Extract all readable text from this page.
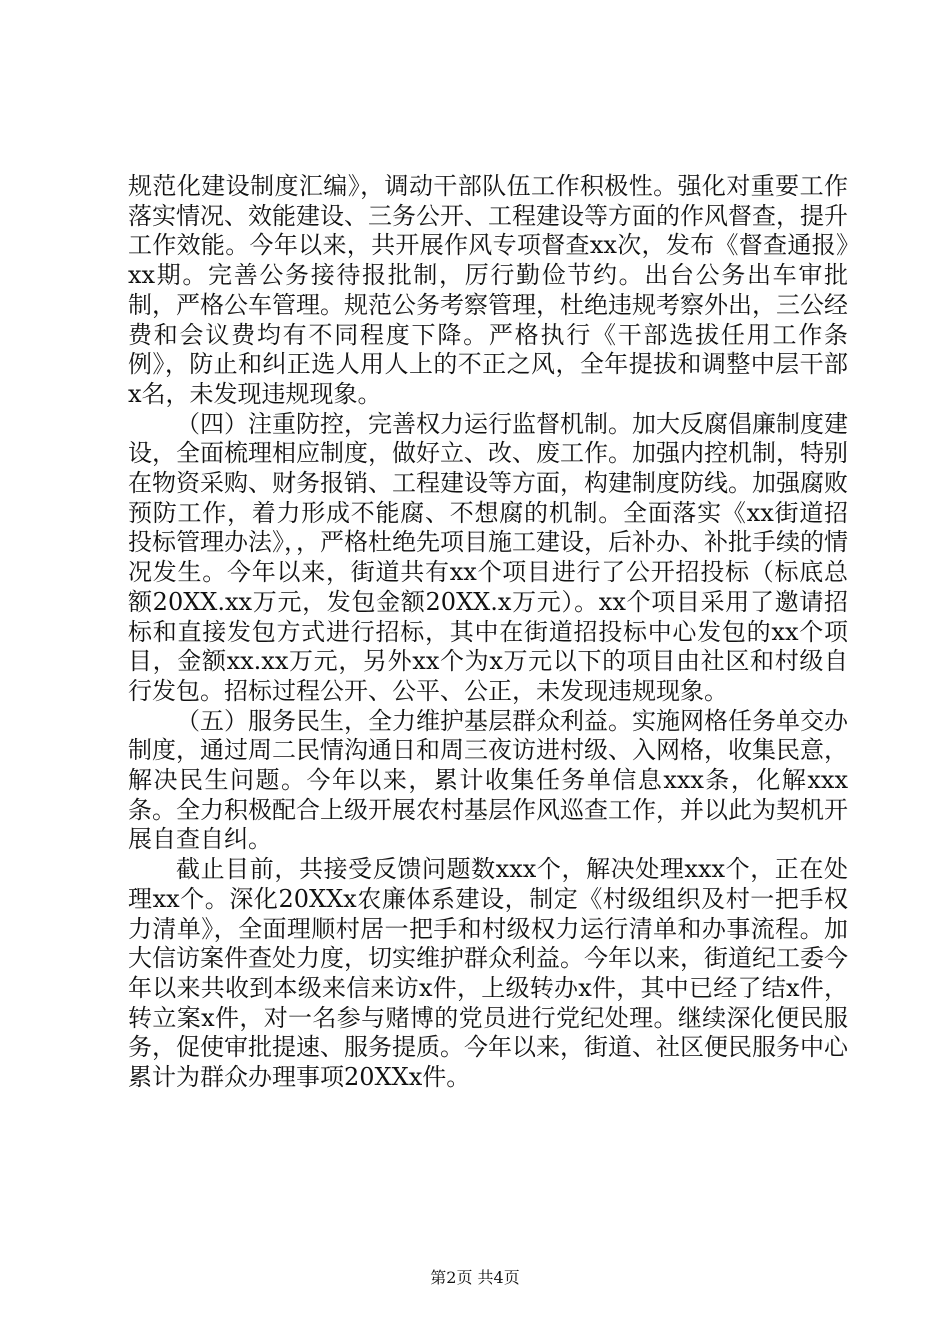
规范化建设制度汇编》，调动干部队伍工作积极性。强化对重要工作落实情况、效能建设、三务公开、工程建设等方面的作风督查，提升工作效能。今年以来，共开展作风专项督查xx次，发布《督查通报》xx期。完善公务接待报批制，厉行勤俭节约。出台公务出车审批制，严格公车管理。规范公务考察管理，杜绝违规考察外出，三公经费和会议费均有不同程度下降。严格执行《干部选拔任用工作条例》，防止和纠正选人用人上的不正之风，全年提拔和调整中层干部x名，未发现违规现象。

（四）注重防控，完善权力运行监督机制。加大反腐倡廉制度建设，全面梳理相应制度，做好立、改、废工作。加强内控机制，特别在物资采购、财务报销、工程建设等方面，构建制度防线。加强腐败预防工作，着力形成不能腐、不想腐的机制。全面落实《xx街道招投标管理办法》，，严格杜绝先项目施工建设，后补办、补批手续的情况发生。今年以来，街道共有xx个项目进行了公开招投标（标底总额20XX.xx万元，发包金额20XX.x万元）。xx个项目采用了邀请招标和直接发包方式进行招标，其中在街道招投标中心发包的xx个项目，金额xx.xx万元，另外xx个为x万元以下的项目由社区和村级自行发包。招标过程公开、公平、公正，未发现违规现象。

（五）服务民生，全力维护基层群众利益。实施网格任务单交办制度，通过周二民情沟通日和周三夜访进村级、入网格，收集民意，解决民生问题。今年以来，累计收集任务单信息xxx条，化解xxx条。全力积极配合上级开展农村基层作风巡查工作，并以此为契机开展自查自纠。

截止目前，共接受反馈问题数xxx个，解决处理xxx个，正在处理xx个。深化20XXx农廉体系建设，制定《村级组织及村一把手权力清单》，全面理顺村居一把手和村级权力运行清单和办事流程。加大信访案件查处力度，切实维护群众利益。今年以来，街道纪工委今年以来共收到本级来信来访x件，上级转办x件，其中已经了结x件，转立案x件，对一名参与赌博的党员进行党纪处理。继续深化便民服务，促使审批提速、服务提质。今年以来，街道、社区便民服务中心累计为群众办理事项20XXx件。

第2页 共4页
